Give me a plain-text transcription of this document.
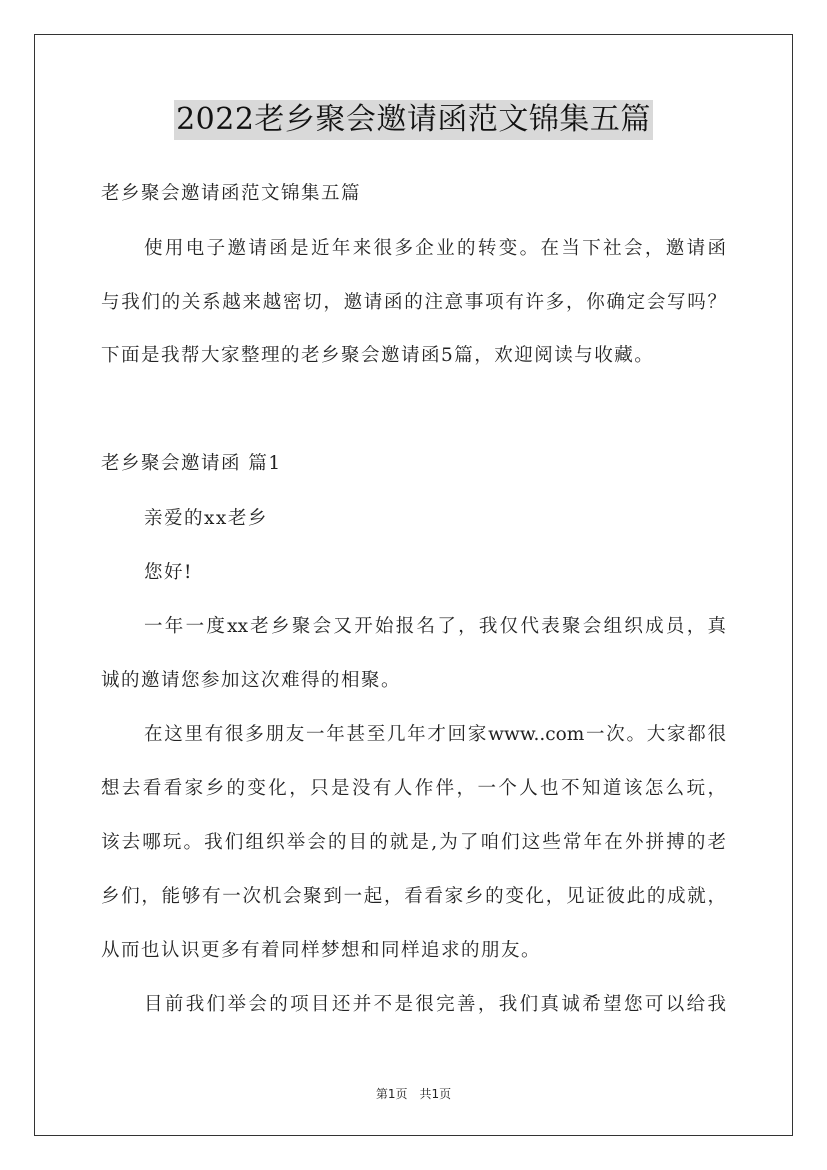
2022老乡聚会邀请函范文锦集五篇
老乡聚会邀请函范文锦集五篇
使用电子邀请函是近年来很多企业的转变。在当下社会，邀请函
与我们的关系越来越密切，邀请函的注意事项有许多，你确定会写吗？
下面是我帮大家整理的老乡聚会邀请函5篇，欢迎阅读与收藏。
老乡聚会邀请函 篇1
亲爱的xx老乡
您好!
一年一度xx老乡聚会又开始报名了，我仅代表聚会组织成员，真
诚的邀请您参加这次难得的相聚。
在这里有很多朋友一年甚至几年才回家www..com一次。大家都很
想去看看家乡的变化，只是没有人作伴，一个人也不知道该怎么玩，
该去哪玩。我们组织举会的目的就是,为了咱们这些常年在外拼搏的老
乡们，能够有一次机会聚到一起，看看家乡的变化，见证彼此的成就，
从而也认识更多有着同样梦想和同样追求的朋友。
目前我们举会的项目还并不是很完善，我们真诚希望您可以给我
第1页　共1页
